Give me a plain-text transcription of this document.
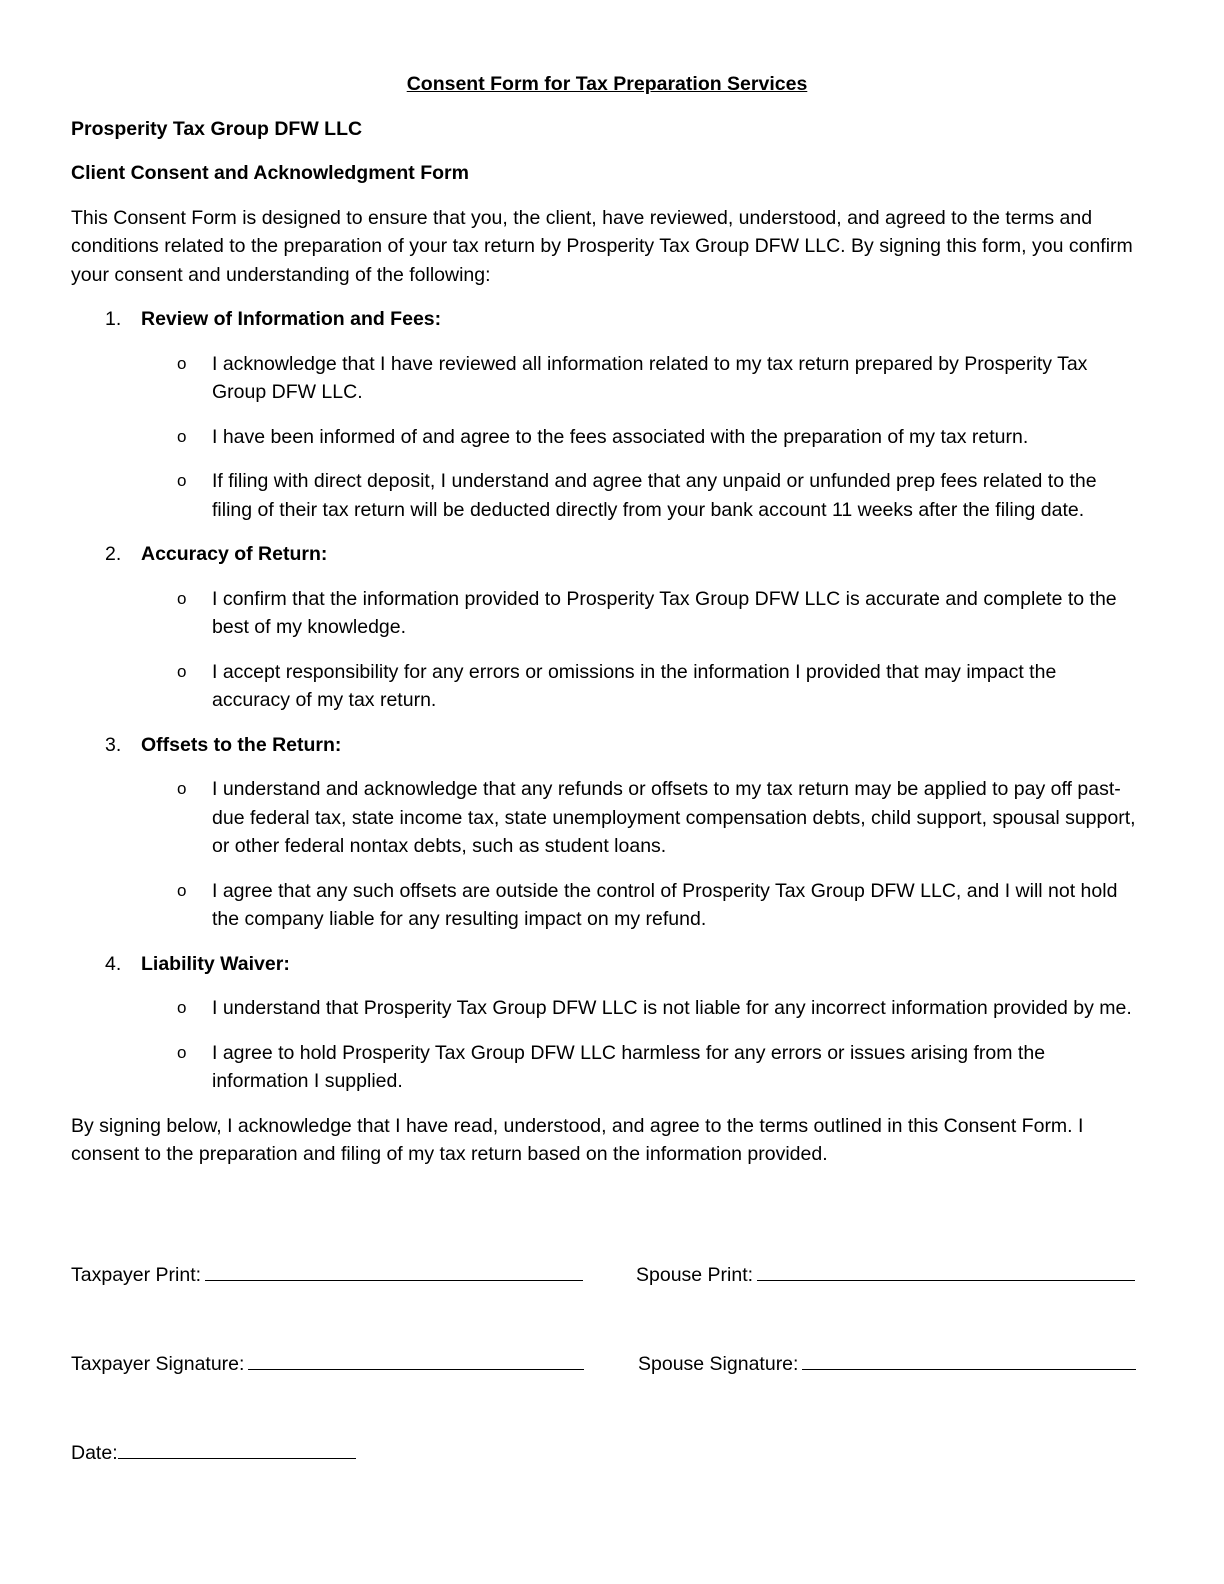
Consent Form for Tax Preparation Services
Prosperity Tax Group DFW LLC
Client Consent and Acknowledgment Form
This Consent Form is designed to ensure that you, the client, have reviewed, understood, and agreed to the terms and conditions related to the preparation of your tax return by Prosperity Tax Group DFW LLC. By signing this form, you confirm your consent and understanding of the following:
1. Review of Information and Fees:
o I acknowledge that I have reviewed all information related to my tax return prepared by Prosperity Tax Group DFW LLC.
o I have been informed of and agree to the fees associated with the preparation of my tax return.
o If filing with direct deposit, I understand and agree that any unpaid or unfunded prep fees related to the filing of their tax return will be deducted directly from your bank account 11 weeks after the filing date.
2. Accuracy of Return:
o I confirm that the information provided to Prosperity Tax Group DFW LLC is accurate and complete to the best of my knowledge.
o I accept responsibility for any errors or omissions in the information I provided that may impact the accuracy of my tax return.
3. Offsets to the Return:
o I understand and acknowledge that any refunds or offsets to my tax return may be applied to pay off past-due federal tax, state income tax, state unemployment compensation debts, child support, spousal support, or other federal nontax debts, such as student loans.
o I agree that any such offsets are outside the control of Prosperity Tax Group DFW LLC, and I will not hold the company liable for any resulting impact on my refund.
4. Liability Waiver:
o I understand that Prosperity Tax Group DFW LLC is not liable for any incorrect information provided by me.
o I agree to hold Prosperity Tax Group DFW LLC harmless for any errors or issues arising from the information I supplied.
By signing below, I acknowledge that I have read, understood, and agree to the terms outlined in this Consent Form. I consent to the preparation and filing of my tax return based on the information provided.
Taxpayer Print:	Spouse Print:
Taxpayer Signature:	Spouse Signature:
Date:
